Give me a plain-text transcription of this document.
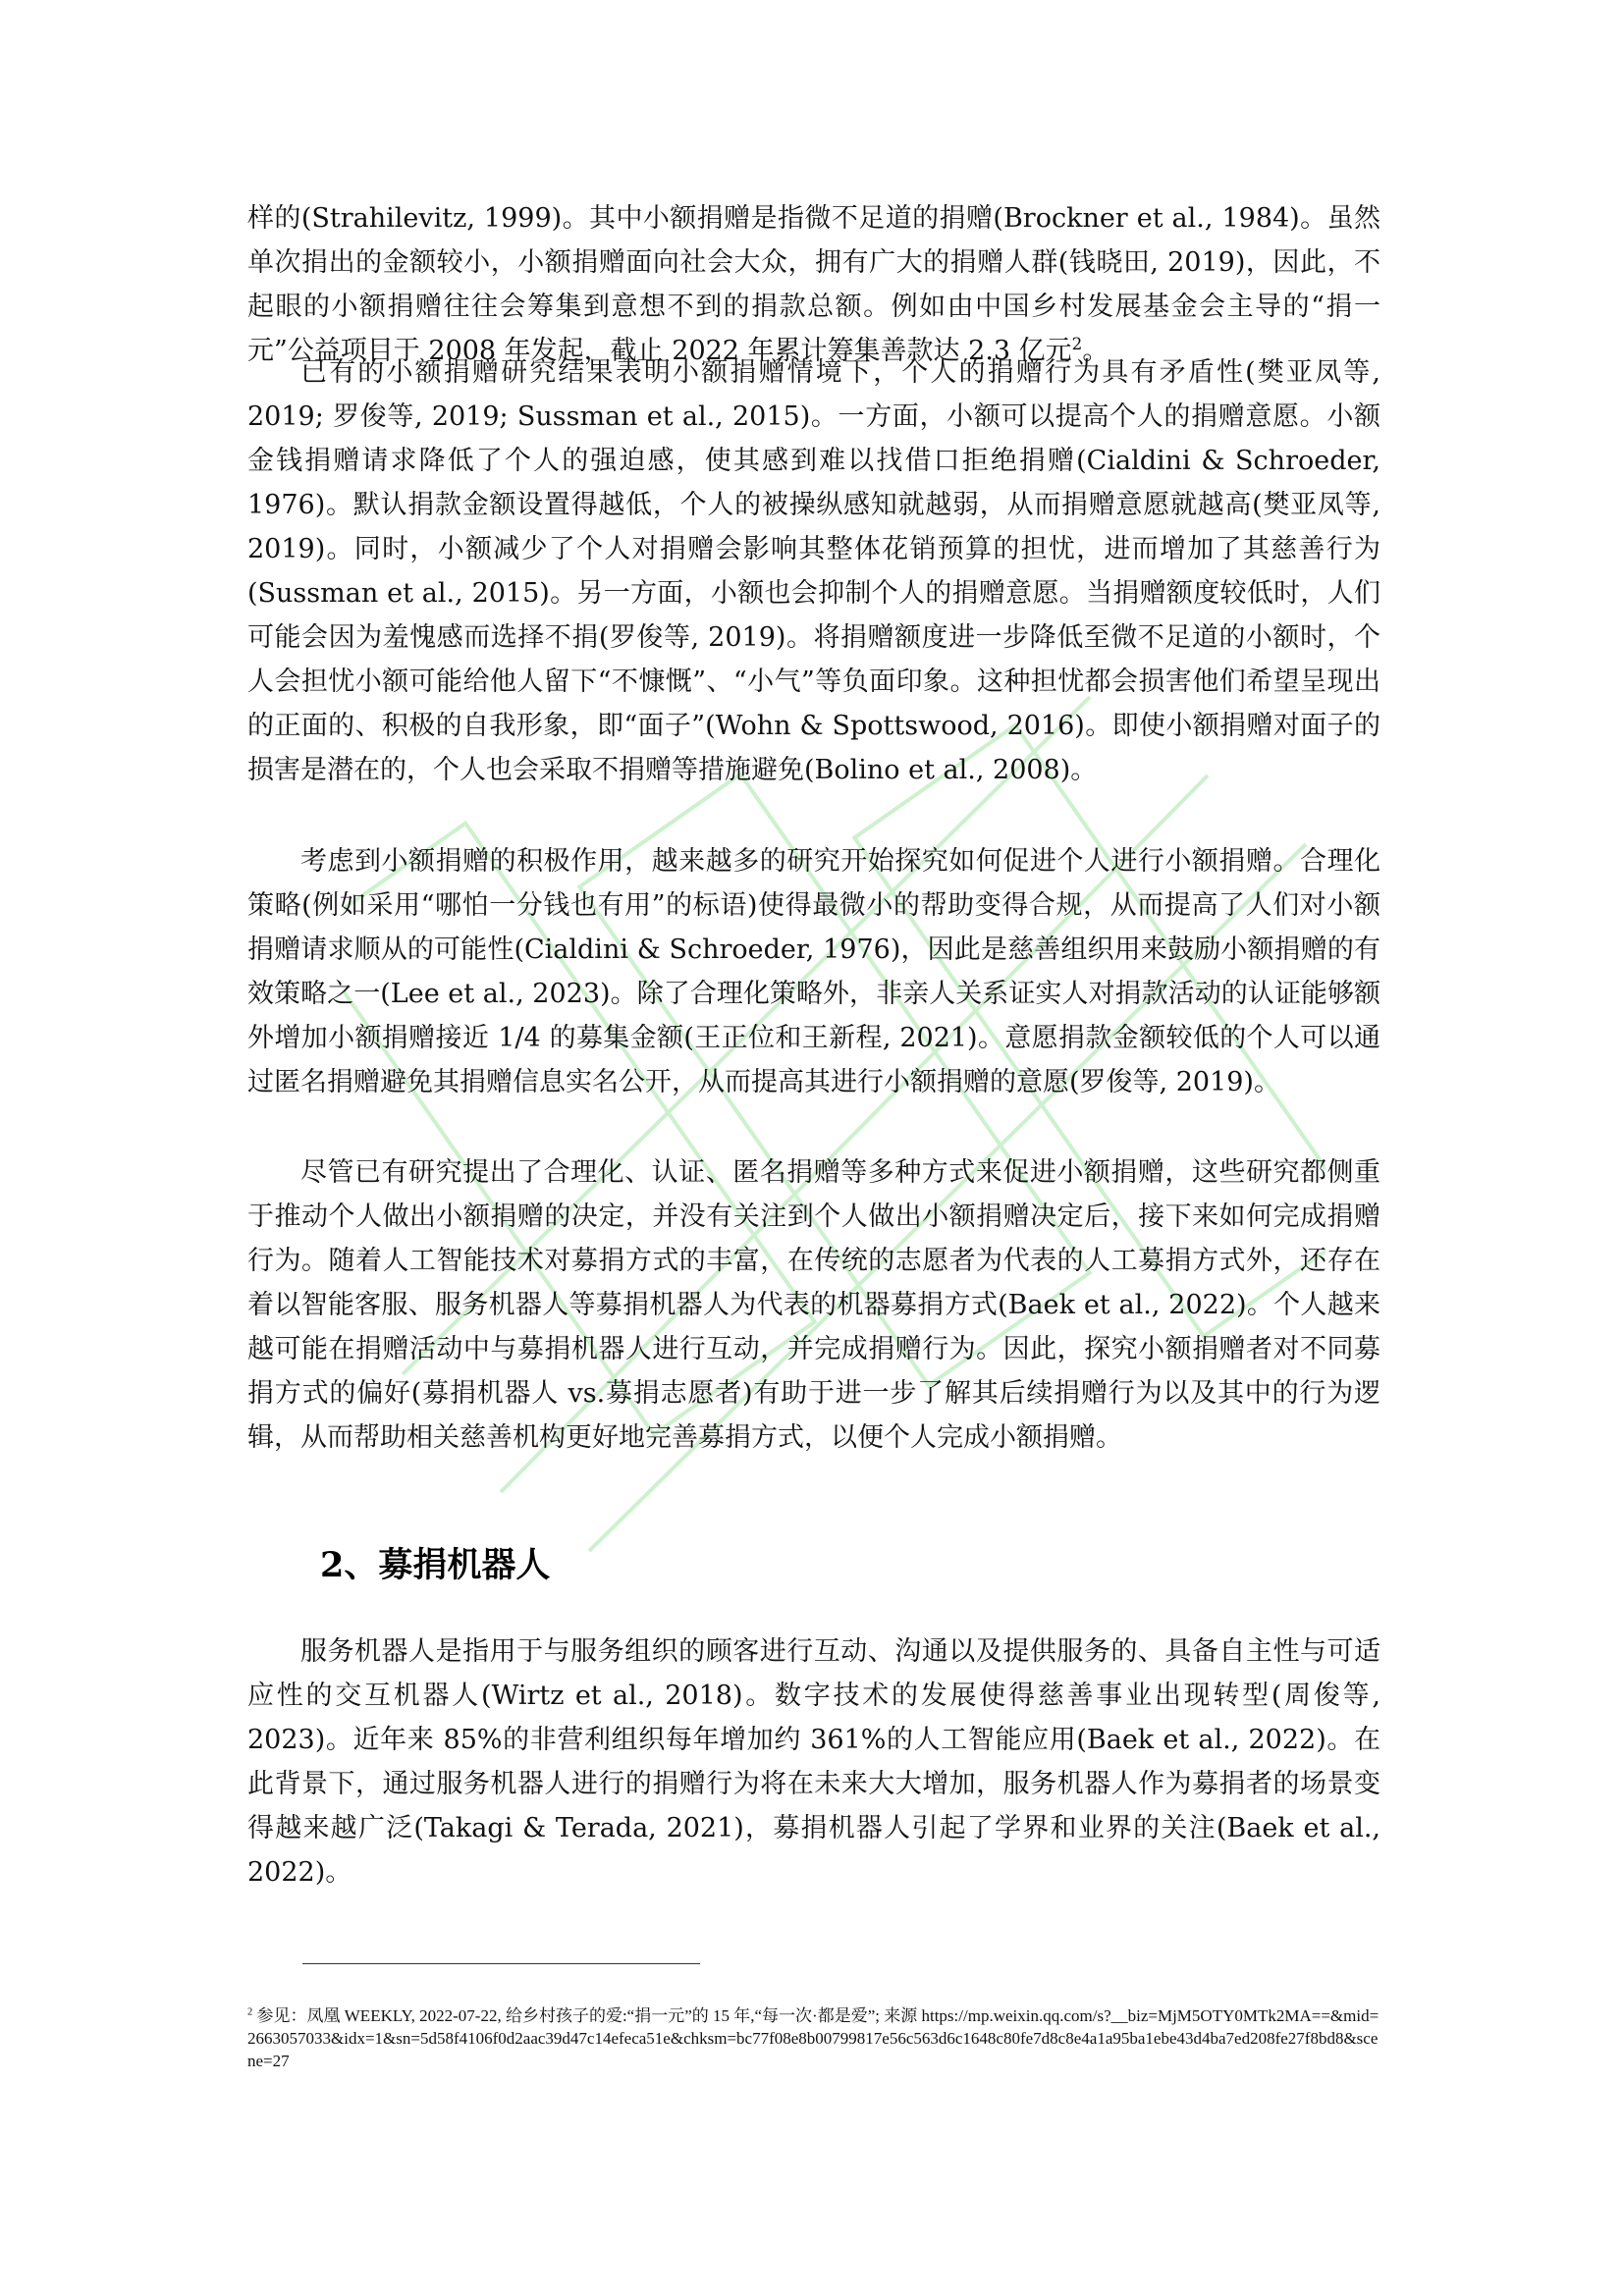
样的(Strahilevitz, 1999)。其中小额捐赠是指微不足道的捐赠(Brockner et al., 1984)。虽然单次捐出的金额较小，小额捐赠面向社会大众，拥有广大的捐赠人群(钱晓田, 2019)，因此，不起眼的小额捐赠往往会筹集到意想不到的捐款总额。例如由中国乡村发展基金会主导的“捐一元”公益项目于 2008 年发起，截止 2022 年累计筹集善款达 2.3 亿元$^2$。

已有的小额捐赠研究结果表明小额捐赠情境下，个人的捐赠行为具有矛盾性(樊亚凤等, 2019; 罗俊等, 2019; Sussman et al., 2015)。一方面，小额可以提高个人的捐赠意愿。小额金钱捐赠请求降低了个人的强迫感，使其感到难以找借口拒绝捐赠(Cialdini & Schroeder, 1976)。默认捐款金额设置得越低，个人的被操纵感知就越弱，从而捐赠意愿就越高(樊亚凤等, 2019)。同时，小额减少了个人对捐赠会影响其整体花销预算的担忧，进而增加了其慈善行为(Sussman et al., 2015)。另一方面，小额也会抑制个人的捐赠意愿。当捐赠额度较低时，人们可能会因为羞愧感而选择不捐(罗俊等, 2019)。将捐赠额度进一步降低至微不足道的小额时，个人会担忧小额可能给他人留下“不慷慨”、“小气”等负面印象。这种担忧都会损害他们希望呈现出的正面的、积极的自我形象，即“面子”(Wohn & Spottswood, 2016)。即使小额捐赠对面子的损害是潜在的，个人也会采取不捐赠等措施避免(Bolino et al., 2008)。

考虑到小额捐赠的积极作用，越来越多的研究开始探究如何促进个人进行小额捐赠。合理化策略(例如采用“哪怕一分钱也有用”的标语)使得最微小的帮助变得合规，从而提高了人们对小额捐赠请求顺从的可能性(Cialdini & Schroeder, 1976)，因此是慈善组织用来鼓励小额捐赠的有效策略之一(Lee et al., 2023)。除了合理化策略外，非亲人关系证实人对捐款活动的认证能够额外增加小额捐赠接近 1/4 的募集金额(王正位和王新程, 2021)。意愿捐款金额较低的个人可以通过匿名捐赠避免其捐赠信息实名公开，从而提高其进行小额捐赠的意愿(罗俊等, 2019)。

尽管已有研究提出了合理化、认证、匿名捐赠等多种方式来促进小额捐赠，这些研究都侧重于推动个人做出小额捐赠的决定，并没有关注到个人做出小额捐赠决定后，接下来如何完成捐赠行为。随着人工智能技术对募捐方式的丰富，在传统的志愿者为代表的人工募捐方式外，还存在着以智能客服、服务机器人等募捐机器人为代表的机器募捐方式(Baek et al., 2022)。个人越来越可能在捐赠活动中与募捐机器人进行互动，并完成捐赠行为。因此，探究小额捐赠者对不同募捐方式的偏好(募捐机器人 vs.募捐志愿者)有助于进一步了解其后续捐赠行为以及其中的行为逻辑，从而帮助相关慈善机构更好地完善募捐方式，以便个人完成小额捐赠。

2、募捐机器人

服务机器人是指用于与服务组织的顾客进行互动、沟通以及提供服务的、具备自主性与可适应性的交互机器人(Wirtz et al., 2018)。数字技术的发展使得慈善事业出现转型(周俊等, 2023)。近年来 85%的非营利组织每年增加约 361%的人工智能应用(Baek et al., 2022)。在此背景下，通过服务机器人进行的捐赠行为将在未来大大增加，服务机器人作为募捐者的场景变得越来越广泛(Takagi & Terada, 2021)，募捐机器人引起了学界和业界的关注(Baek et al., 2022)。

$^2$ 参见：凤凰 WEEKLY, 2022-07-22, 给乡村孩子的爱:“捐一元”的 15 年,“每一次·都是爱”; 来源 https://mp.weixin.qq.com/s?__biz=MjM5OTY0MTk2MA==&mid=2663057033&idx=1&sn=5d58f4106f0d2aac39d47c14efeca51e&chksm=bc77f08e8b00799817e56c563d6c1648c80fe7d8c8e4a1a95ba1ebe43d4ba7ed208fe27f8bd8&scene=27
